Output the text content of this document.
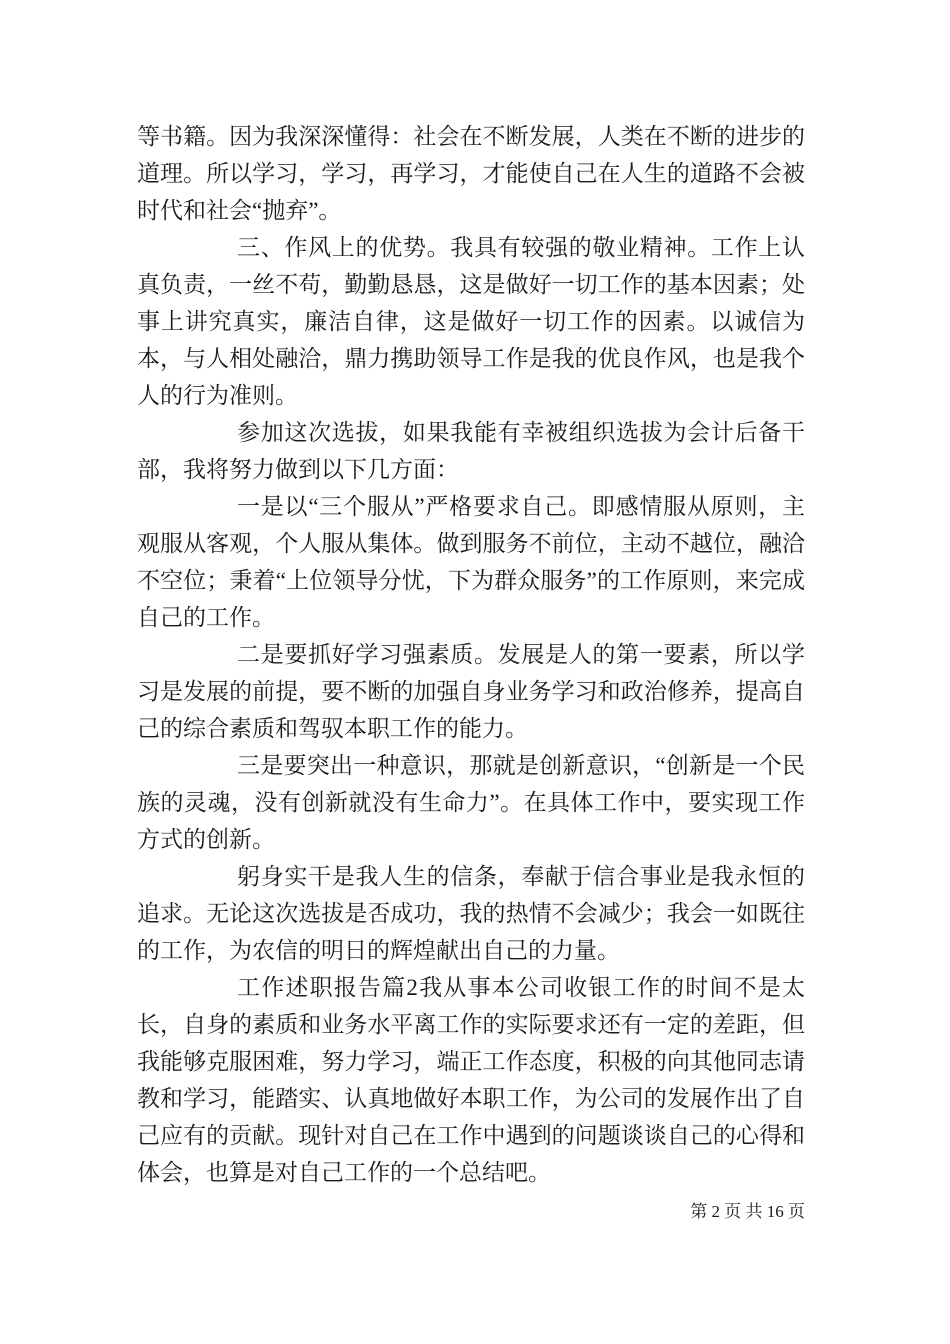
等书籍。因为我深深懂得：社会在不断发展，人类在不断的进步的道理。所以学习，学习，再学习，才能使自己在人生的道路不会被时代和社会“抛弃”。

三、作风上的优势。我具有较强的敬业精神。工作上认真负责，一丝不苟，勤勤恳恳，这是做好一切工作的基本因素；处事上讲究真实，廉洁自律，这是做好一切工作的因素。以诚信为本，与人相处融洽，鼎力携助领导工作是我的优良作风，也是我个人的行为准则。

参加这次选拔，如果我能有幸被组织选拔为会计后备干部，我将努力做到以下几方面：

一是以“三个服从”严格要求自己。即感情服从原则，主观服从客观，个人服从集体。做到服务不前位，主动不越位，融洽不空位；秉着“上位领导分忧，下为群众服务”的工作原则，来完成自己的工作。

二是要抓好学习强素质。发展是人的第一要素，所以学习是发展的前提，要不断的加强自身业务学习和政治修养，提高自己的综合素质和驾驭本职工作的能力。

三是要突出一种意识，那就是创新意识，“创新是一个民族的灵魂，没有创新就没有生命力”。在具体工作中，要实现工作方式的创新。

躬身实干是我人生的信条，奉献于信合事业是我永恒的追求。无论这次选拔是否成功，我的热情不会减少；我会一如既往的工作，为农信的明日的辉煌献出自己的力量。

工作述职报告篇2我从事本公司收银工作的时间不是太长，自身的素质和业务水平离工作的实际要求还有一定的差距，但我能够克服困难，努力学习，端正工作态度，积极的向其他同志请教和学习，能踏实、认真地做好本职工作，为公司的发展作出了自己应有的贡献。现针对自己在工作中遇到的问题谈谈自己的心得和体会，也算是对自己工作的一个总结吧。

第 2 页 共 16 页
